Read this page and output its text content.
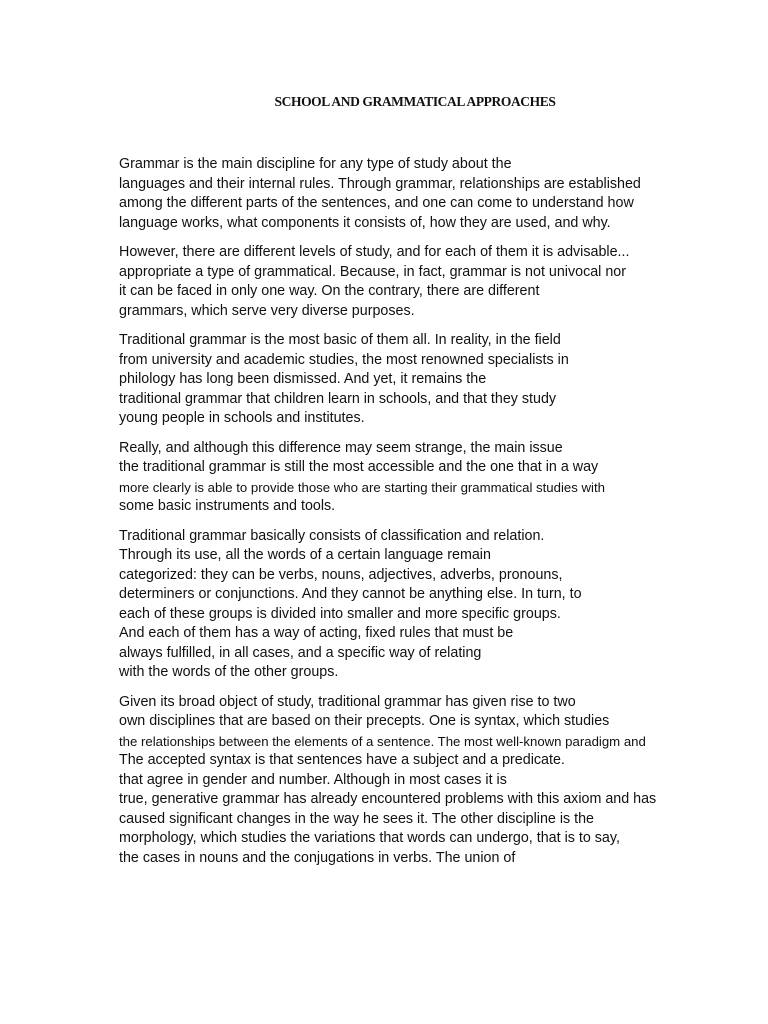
SCHOOL AND GRAMMATICAL APPROACHES

Grammar is the main discipline for any type of study about the
languages and their internal rules. Through grammar, relationships are established
among the different parts of the sentences, and one can come to understand how
language works, what components it consists of, how they are used, and why.

However, there are different levels of study, and for each of them it is advisable...
appropriate a type of grammatical. Because, in fact, grammar is not univocal nor
it can be faced in only one way. On the contrary, there are different
grammars, which serve very diverse purposes.

Traditional grammar is the most basic of them all. In reality, in the field
from university and academic studies, the most renowned specialists in
philology has long been dismissed. And yet, it remains the
traditional grammar that children learn in schools, and that they study
young people in schools and institutes.

Really, and although this difference may seem strange, the main issue
the traditional grammar is still the most accessible and the one that in a way
more clearly is able to provide those who are starting their grammatical studies with
some basic instruments and tools.

Traditional grammar basically consists of classification and relation.
Through its use, all the words of a certain language remain
categorized: they can be verbs, nouns, adjectives, adverbs, pronouns,
determiners or conjunctions. And they cannot be anything else. In turn, to
each of these groups is divided into smaller and more specific groups.
And each of them has a way of acting, fixed rules that must be
always fulfilled, in all cases, and a specific way of relating
with the words of the other groups.

Given its broad object of study, traditional grammar has given rise to two
own disciplines that are based on their precepts. One is syntax, which studies
the relationships between the elements of a sentence. The most well-known paradigm and
The accepted syntax is that sentences have a subject and a predicate.
that agree in gender and number. Although in most cases it is
true, generative grammar has already encountered problems with this axiom and has
caused significant changes in the way he sees it. The other discipline is the
morphology, which studies the variations that words can undergo, that is to say,
the cases in nouns and the conjugations in verbs. The union of
